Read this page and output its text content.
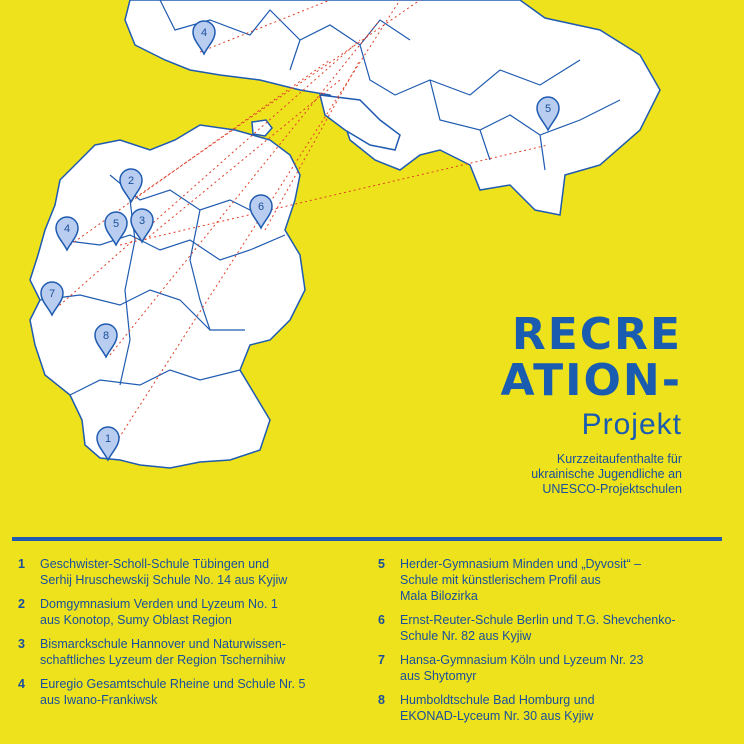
1
2
3
4	5
6
7
8
4
5
RECRE
ATION-
Projekt
Kurzzeitaufenthalte für
ukrainische Jugendliche an
UNESCO-Projektschulen
1	Geschwister-Scholl-Schule Tübingen und
Serhij Hruschewskij Schule No. 14 aus Kyjiw
2	Domgymnasium Verden und Lyzeum No. 1
aus Konotop, Sumy Oblast Region
3	Bismarckschule Hannover und Naturwissen-
schaftliches Lyzeum der Region Tschernihiw
4	Euregio Gesamtschule Rheine und Schule Nr. 5
aus Iwano-Frankiwsk
5	Herder-Gymnasium Minden und „Dyvosit“ –
Schule mit künstlerischem Profil aus
Mala Bilozirka
6	Ernst-Reuter-Schule Berlin und T.G. Shevchenko-
Schule Nr. 82 aus Kyjiw
7	Hansa-Gymnasium Köln und Lyzeum Nr. 23
aus Shytomyr
8	Humboldtschule Bad Homburg und
EKONAD-Lyceum Nr. 30 aus Kyjiw
